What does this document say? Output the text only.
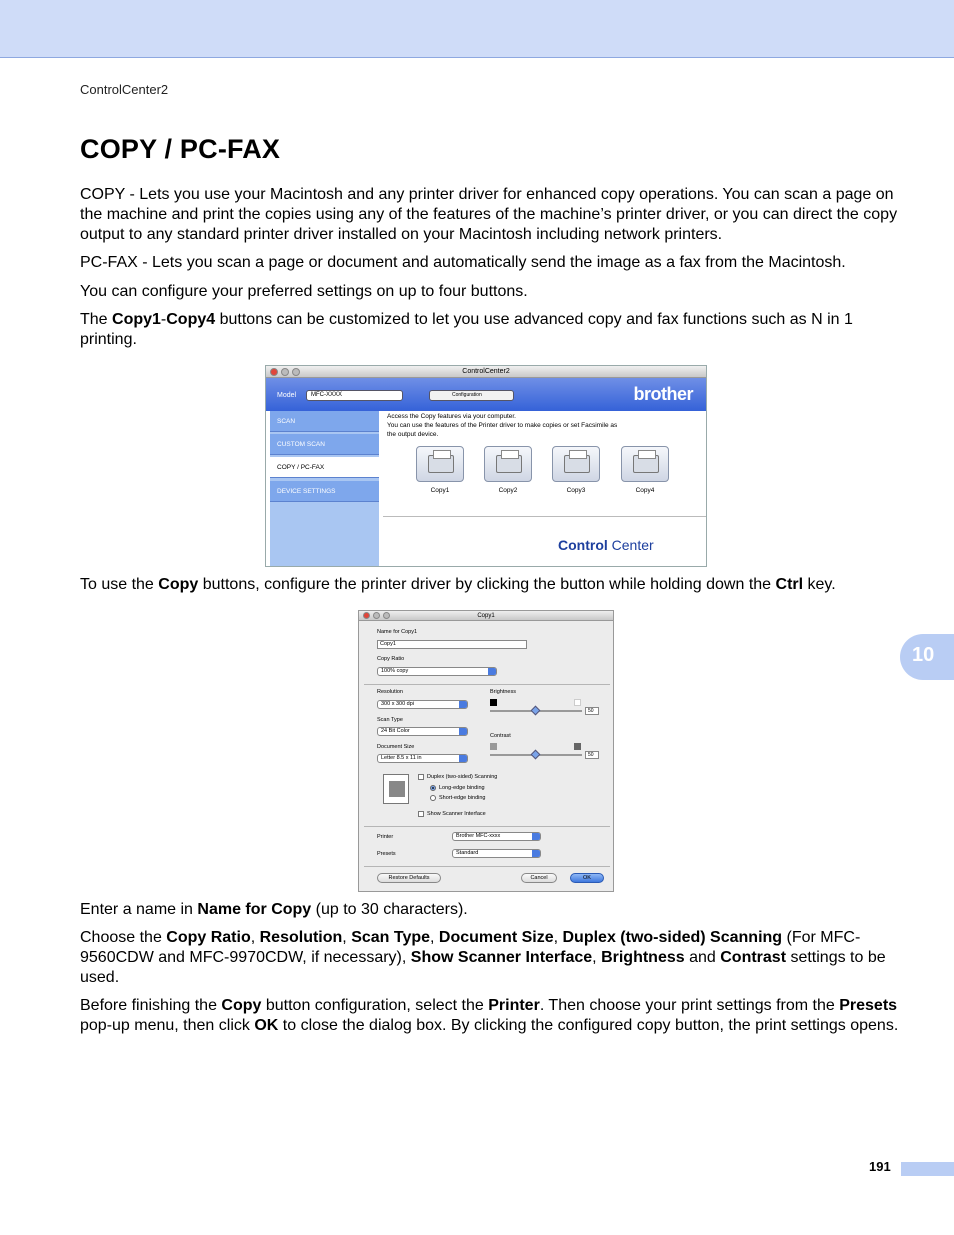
ControlCenter2
COPY / PC-FAX

COPY - Lets you use your Macintosh and any printer driver for enhanced copy operations. You can scan a page on the machine and print the copies using any of the features of the machine’s printer driver, or you can direct the copy output to any standard printer driver installed on your Macintosh including network printers.

PC-FAX - Lets you scan a page or document and automatically send the image as a fax from the Macintosh.

You can configure your preferred settings on up to four buttons.

The Copy1-Copy4 buttons can be customized to let you use advanced copy and fax functions such as N in 1 printing.

ControlCenter2
Model	MFC-XXXX	Configuration	brother
SCAN
CUSTOM SCAN
COPY / PC-FAX
DEVICE SETTINGS
Access the Copy features via your computer.
You can use the features of the Printer driver to make copies or set Facsimile as
the output device.
Copy1	Copy2	Copy3	Copy4
Control Center

To use the Copy buttons, configure the printer driver by clicking the button while holding down the Ctrl key.

Copy1
Name for Copy1
Copy1
Copy Ratio
100% copy
Resolution
300 x 300 dpi
Scan Type
24 Bit Color
Document Size
Letter 8.5 x 11 in
Brightness
50
Contrast
50
Duplex (two-sided) Scanning
Long-edge binding
Short-edge binding
Show Scanner Interface
Printer	Brother MFC-xxxx
Presets	Standard
Restore Defaults	Cancel	OK

Enter a name in Name for Copy (up to 30 characters).

Choose the Copy Ratio, Resolution, Scan Type, Document Size, Duplex (two-sided) Scanning (For MFC-9560CDW and MFC-9970CDW, if necessary), Show Scanner Interface, Brightness and Contrast settings to be used.

Before finishing the Copy button configuration, select the Printer. Then choose your print settings from the Presets pop-up menu, then click OK to close the dialog box. By clicking the configured copy button, the print settings opens.

10
191
